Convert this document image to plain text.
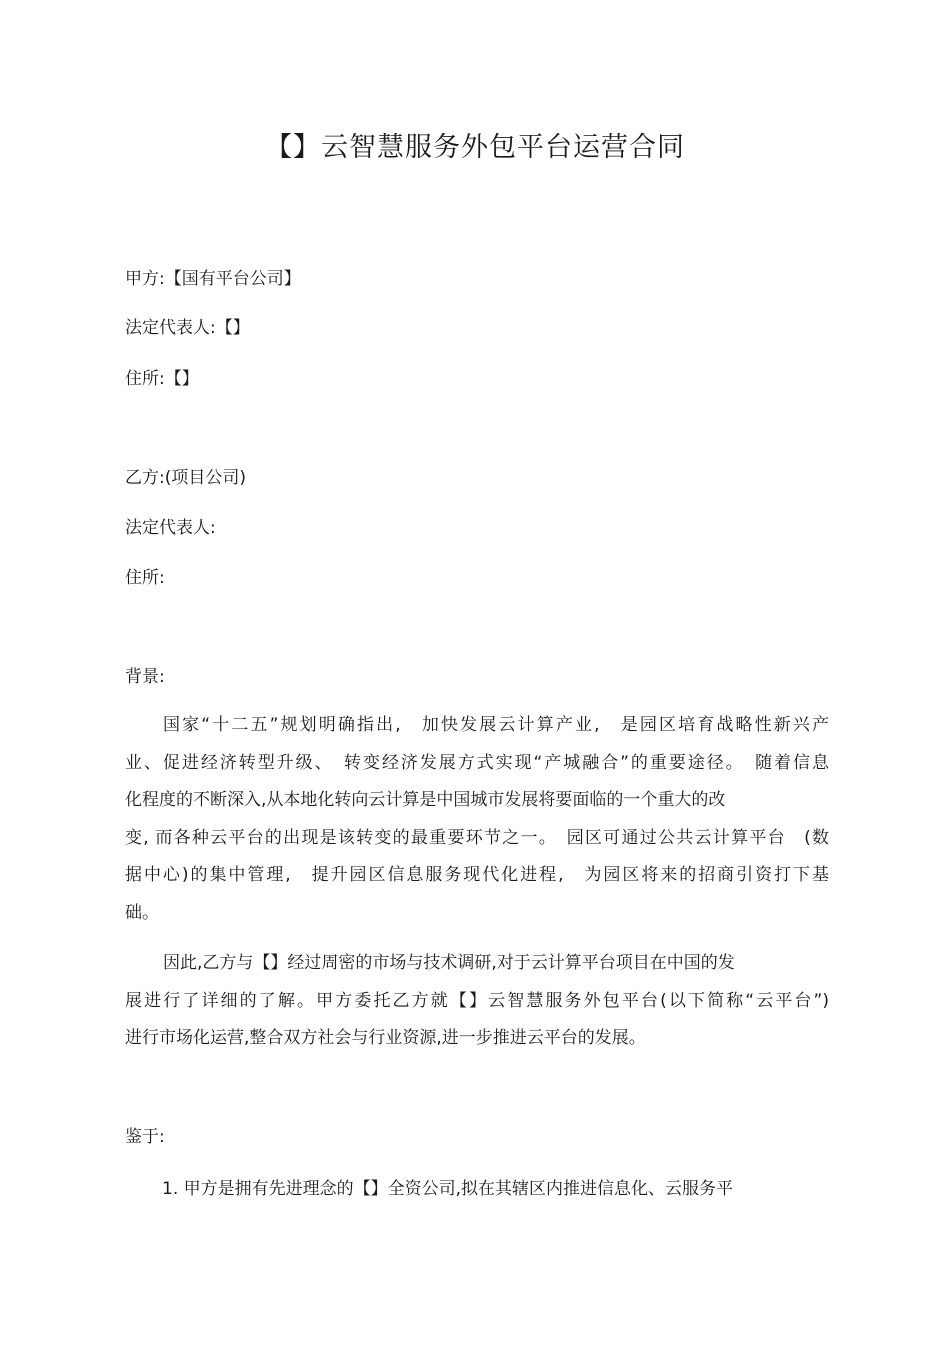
【】云智慧服务外包平台运营合同
甲方:【国有平台公司】
法定代表人:【】
住所:【】
乙方:(项目公司)
法定代表人:
住所:
背景:
国家“十二五”规划明确指出,　加快发展云计算产业,　是园区培育战略性新兴产
业、促进经济转型升级、　转变经济发展方式实现“产城融合”的重要途径。　随着信息
化程度的不断深入,从本地化转向云计算是中国城市发展将要面临的一个重大的改
变, 而各种云平台的出现是该转变的最重要环节之一。　园区可通过公共云计算平台　(数
据中心)的集中管理,　提升园区信息服务现代化进程,　为园区将来的招商引资打下基
础。
因此,乙方与【】经过周密的市场与技术调研,对于云计算平台项目在中国的发
展进行了详细的了解。甲方委托乙方就【】云智慧服务外包平台(以下简称“云平台”)
进行市场化运营,整合双方社会与行业资源,进一步推进云平台的发展。
鉴于:
1. 甲方是拥有先进理念的【】全资公司,拟在其辖区内推进信息化、云服务平
